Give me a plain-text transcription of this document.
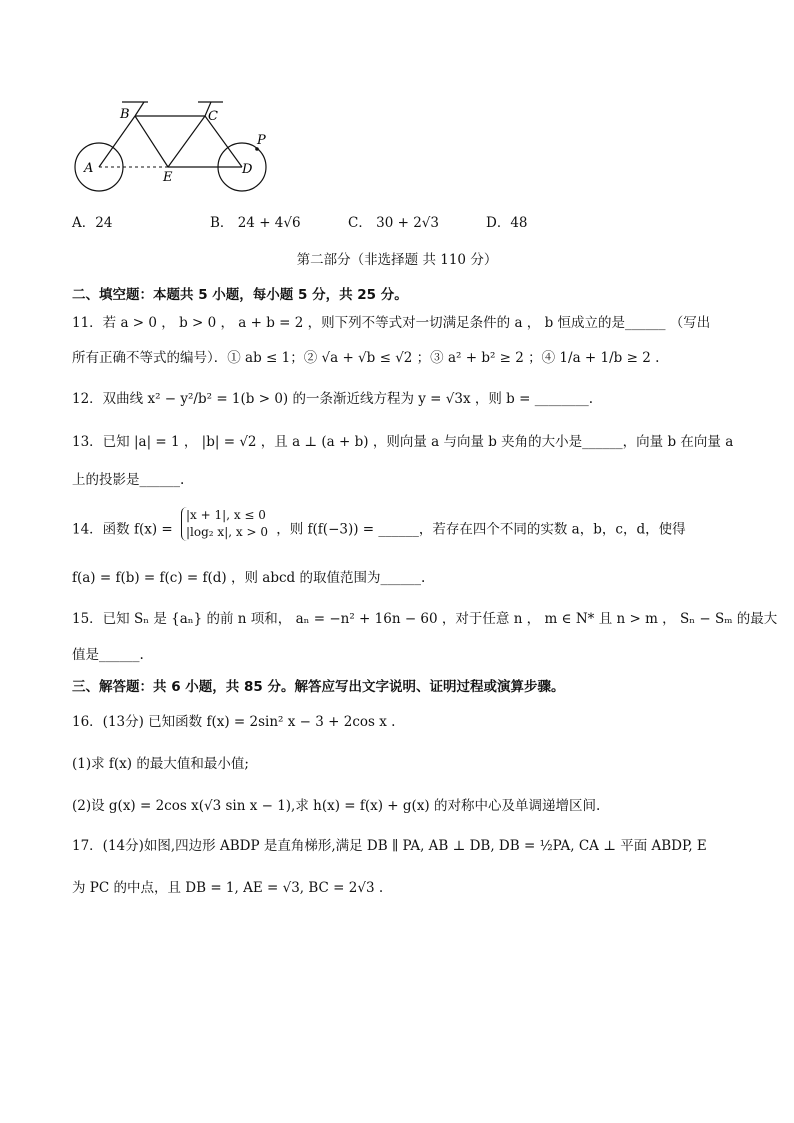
A
B	C
D
E
P
A．24	B． 24 + 4√6	C． 30 + 2√3	D．48
第二部分（非选择题 共 110 分）
二、填空题：本题共 5 小题，每小题 5 分，共 25 分。
11．若 a > 0 ， b > 0 ， a + b = 2 ，则下列不等式对一切满足条件的 a ， b 恒成立的是______ （写出
所有正确不等式的编号）．① ab ≤ 1；② √a + √b ≤ √2 ；③ a² + b² ≥ 2 ；④ 1/a + 1/b ≥ 2 .
12．双曲线 x² − y²/b² = 1(b > 0) 的一条渐近线方程为 y = √3x ，则 b = ________.
13．已知 |a| = 1 ， |b| = √2 ，且 a ⊥ (a + b) ，则向量 a 与向量 b 夹角的大小是______，向量 b 在向量 a
上的投影是______.
14．函数 f(x) =
|x + 1|, x ≤ 0
|log₂ x|, x > 0 ，则 f(f(−3)) = ______，若存在四个不同的实数 a，b，c，d，使得
f(a) = f(b) = f(c) = f(d) ，则 abcd 的取值范围为______.
15．已知 Sₙ 是 {aₙ} 的前 n 项和， aₙ = −n² + 16n − 60 ，对于任意 n ， m ∈ N* 且 n > m ， Sₙ − Sₘ 的最大
值是______.
三、解答题：共 6 小题，共 85 分。解答应写出文字说明、证明过程或演算步骤。
16．(13分) 已知函数 f(x) = 2sin² x − 3 + 2cos x .
(1)求 f(x) 的最大值和最小值;
(2)设 g(x) = 2cos x(√3 sin x − 1),求 h(x) = f(x) + g(x) 的对称中心及单调递增区间.
17．(14分)如图,四边形 ABDP 是直角梯形,满足 DB ∥ PA, AB ⊥ DB, DB = ½PA, CA ⊥ 平面 ABDP, E
为 PC 的中点，且 DB = 1, AE = √3, BC = 2√3 .
